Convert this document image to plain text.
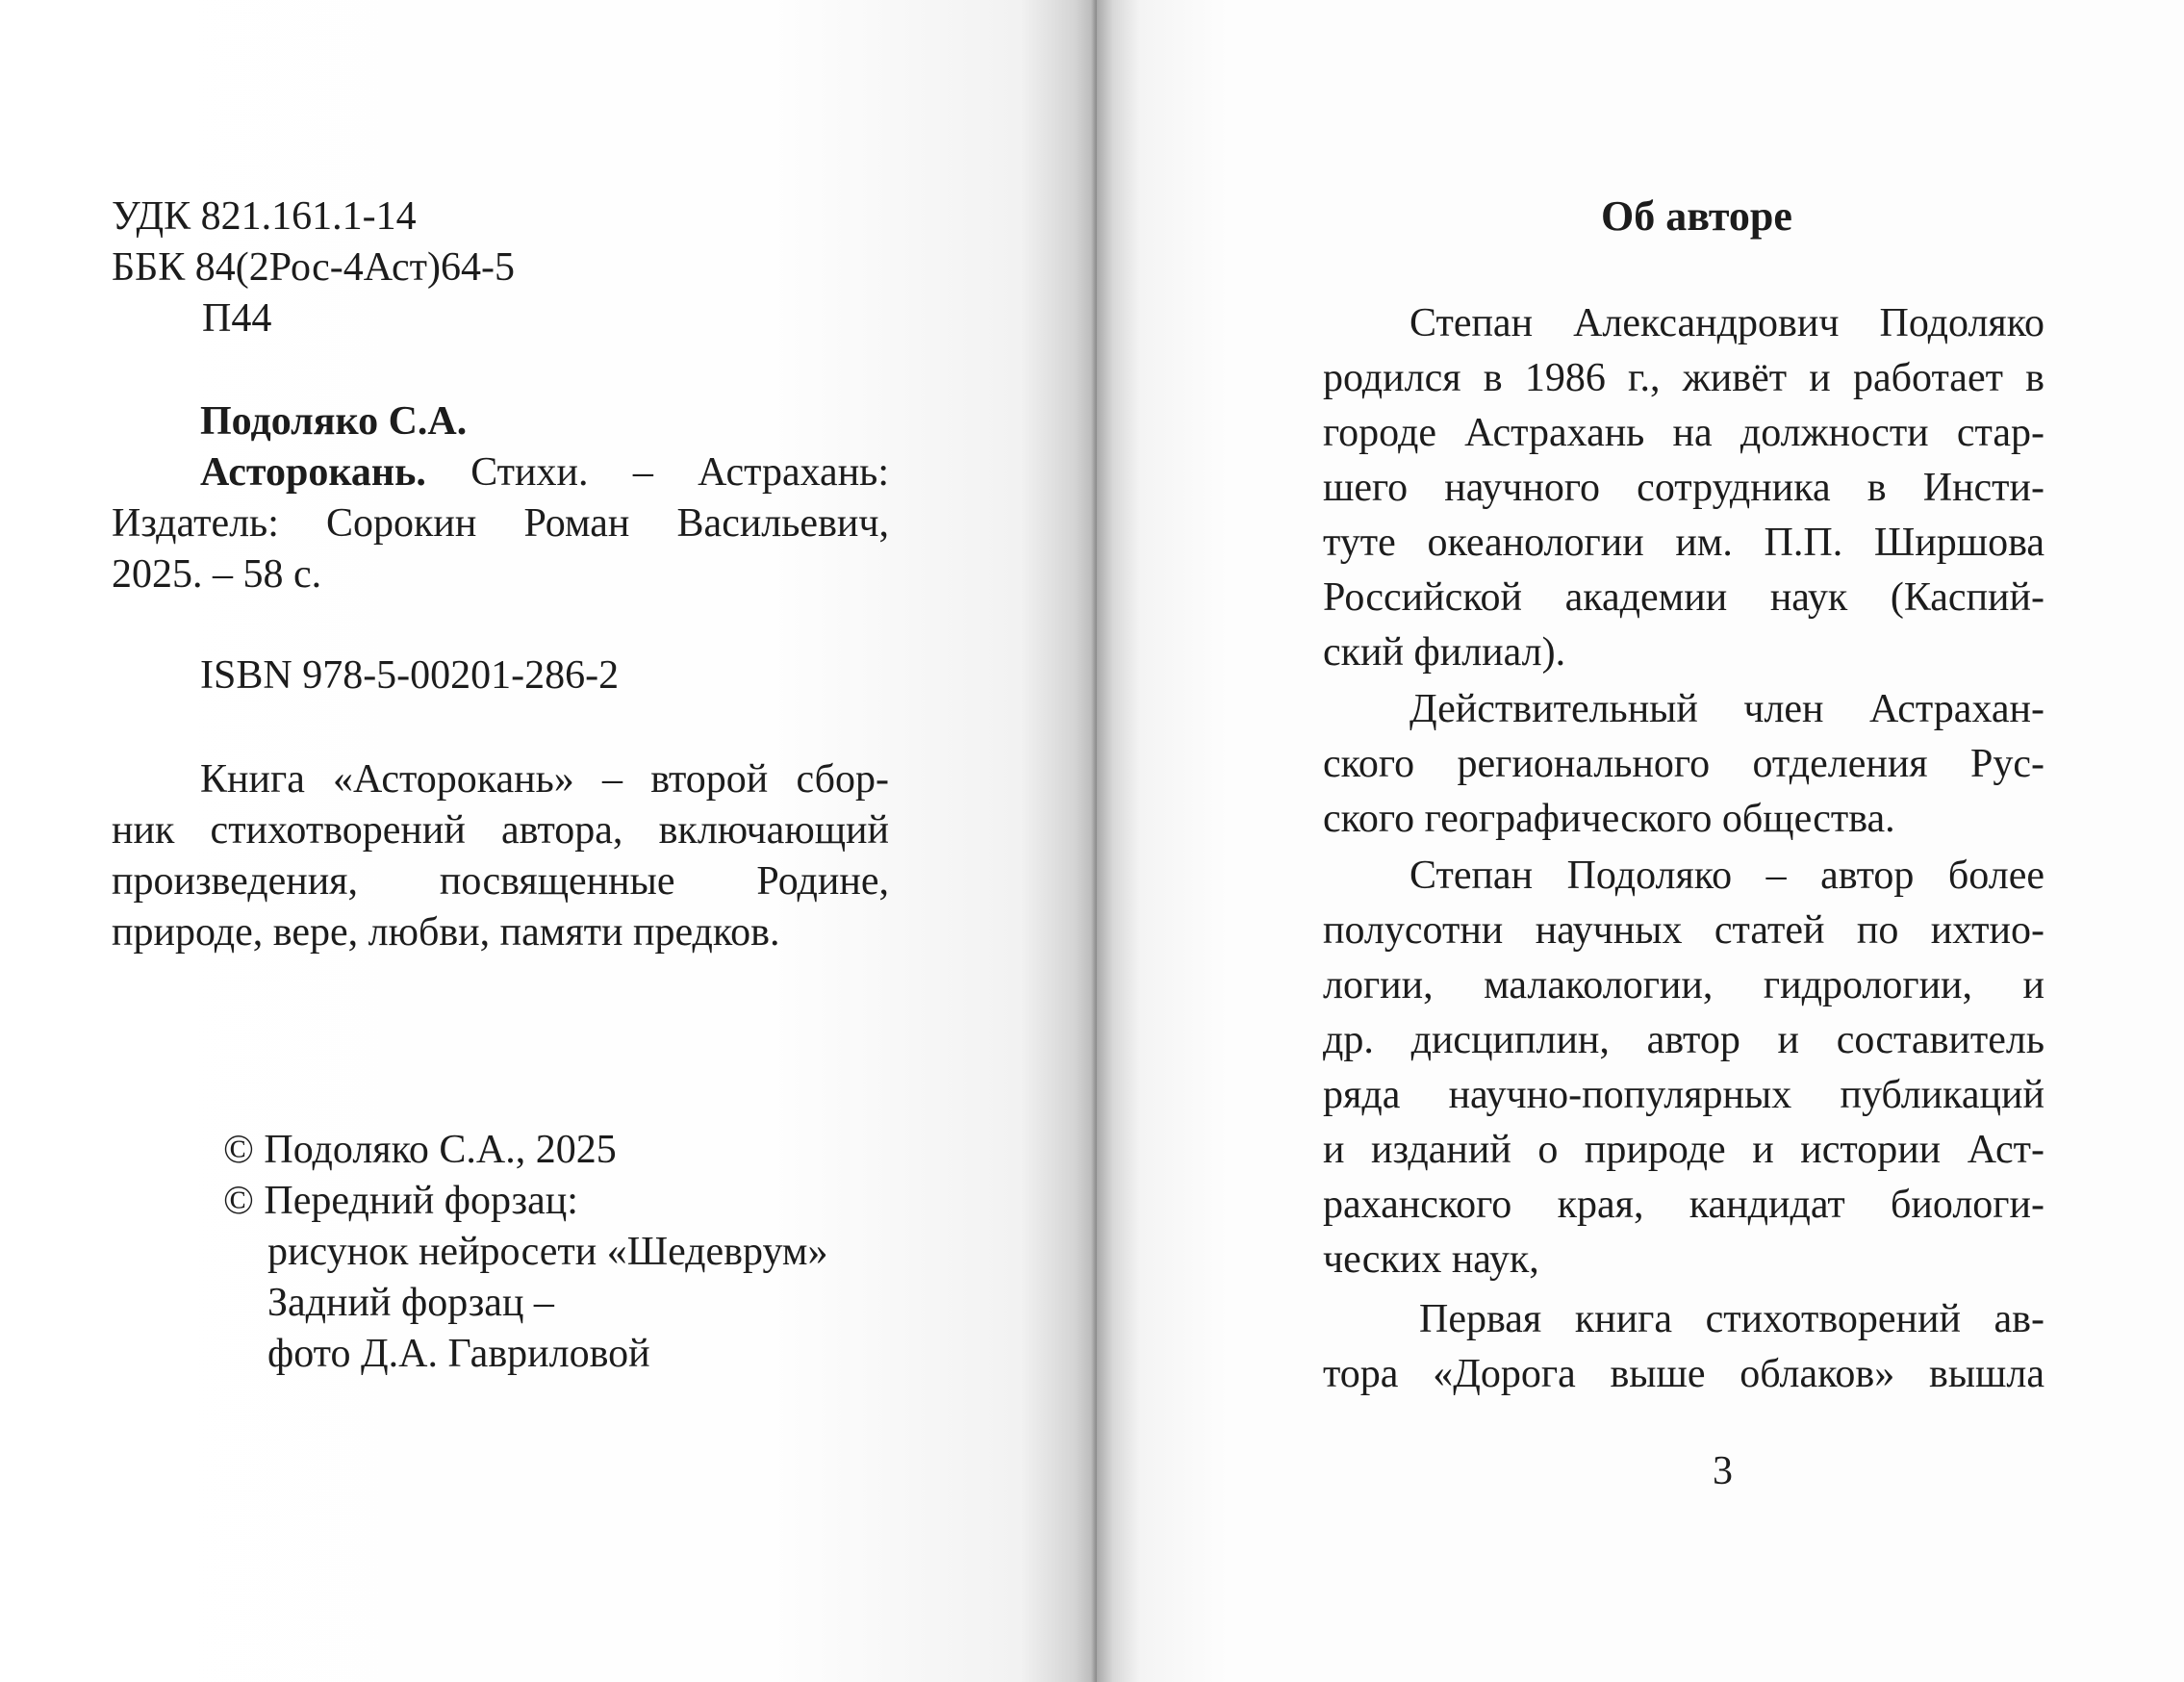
УДК 821.161.1-14
ББК 84(2Рос-4Аст)64-5
П44
Подоляко С.А.
Асторокань. Стихи. – Астрахань:
Издатель: Сорокин Роман Васильевич,
2025. – 58 с.
ISBN 978-5-00201-286-2
Книга «Асторокань» – второй сбор-
ник стихотворений автора, включающий
произведения, посвященные Родине,
природе, вере, любви, памяти предков.
© Подоляко С.А., 2025
© Передний форзац:
рисунок нейросети «Шедеврум»
Задний форзац –
фото Д.А. Гавриловой
Об авторе
Степан Александрович Подоляко
родился в 1986 г., живёт и работает в
городе Астрахань на должности стар-
шего научного сотрудника в Инсти-
туте океанологии им. П.П. Ширшова
Российской академии наук (Каспий-
ский филиал).
Действительный член Астрахан-
ского регионального отделения Рус-
ского географического общества.
Степан Подоляко – автор более
полусотни научных статей по ихтио-
логии, малакологии, гидрологии, и
др. дисциплин, автор и составитель
ряда научно-популярных публикаций
и изданий о природе и истории Аст-
раханского края, кандидат биологи-
ческих наук,
Первая книга стихотворений ав-
тора «Дорога выше облаков» вышла
3
